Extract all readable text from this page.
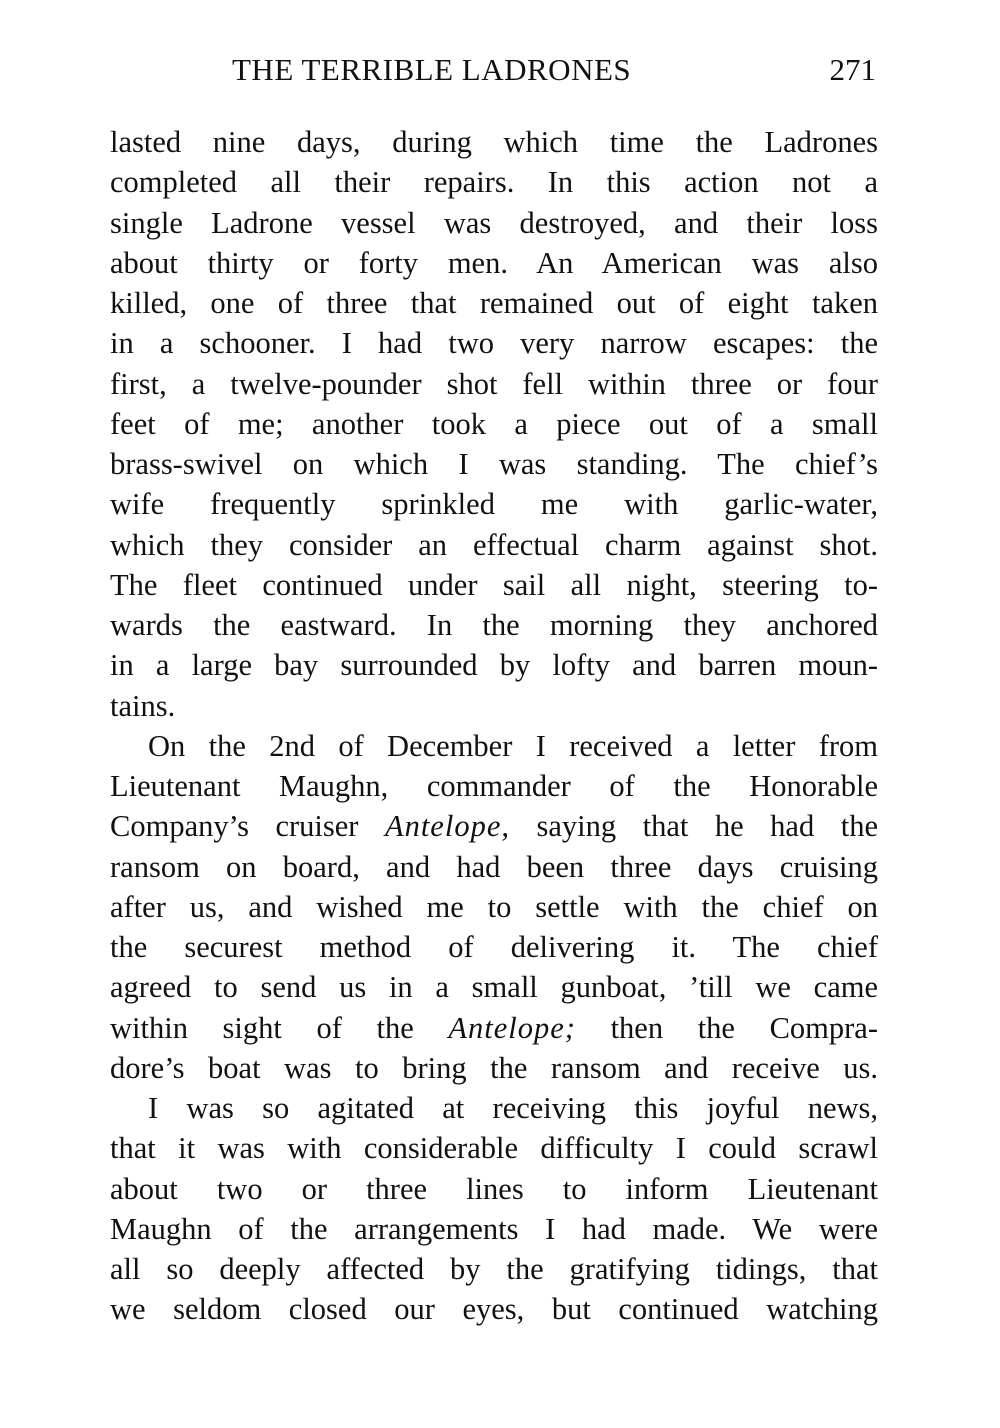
THE TERRIBLE LADRONES	271
lasted nine days, during which time the Ladrones
completed all their repairs. In this action not a
single Ladrone vessel was destroyed, and their loss
about thirty or forty men. An American was also
killed, one of three that remained out of eight taken
in a schooner. I had two very narrow escapes: the
first, a twelve-pounder shot fell within three or four
feet of me; another took a piece out of a small
brass-swivel on which I was standing. The chief’s
wife frequently sprinkled me with garlic-water,
which they consider an effectual charm against shot.
The fleet continued under sail all night, steering to-
wards the eastward. In the morning they anchored
in a large bay surrounded by lofty and barren moun-
tains.
On the 2nd of December I received a letter from
Lieutenant Maughn, commander of the Honorable
Company’s cruiser Antelope, saying that he had the
ransom on board, and had been three days cruising
after us, and wished me to settle with the chief on
the securest method of delivering it. The chief
agreed to send us in a small gunboat, ’till we came
within sight of the Antelope; then the Compra-
dore’s boat was to bring the ransom and receive us.
I was so agitated at receiving this joyful news,
that it was with considerable difficulty I could scrawl
about two or three lines to inform Lieutenant
Maughn of the arrangements I had made. We were
all so deeply affected by the gratifying tidings, that
we seldom closed our eyes, but continued watching
